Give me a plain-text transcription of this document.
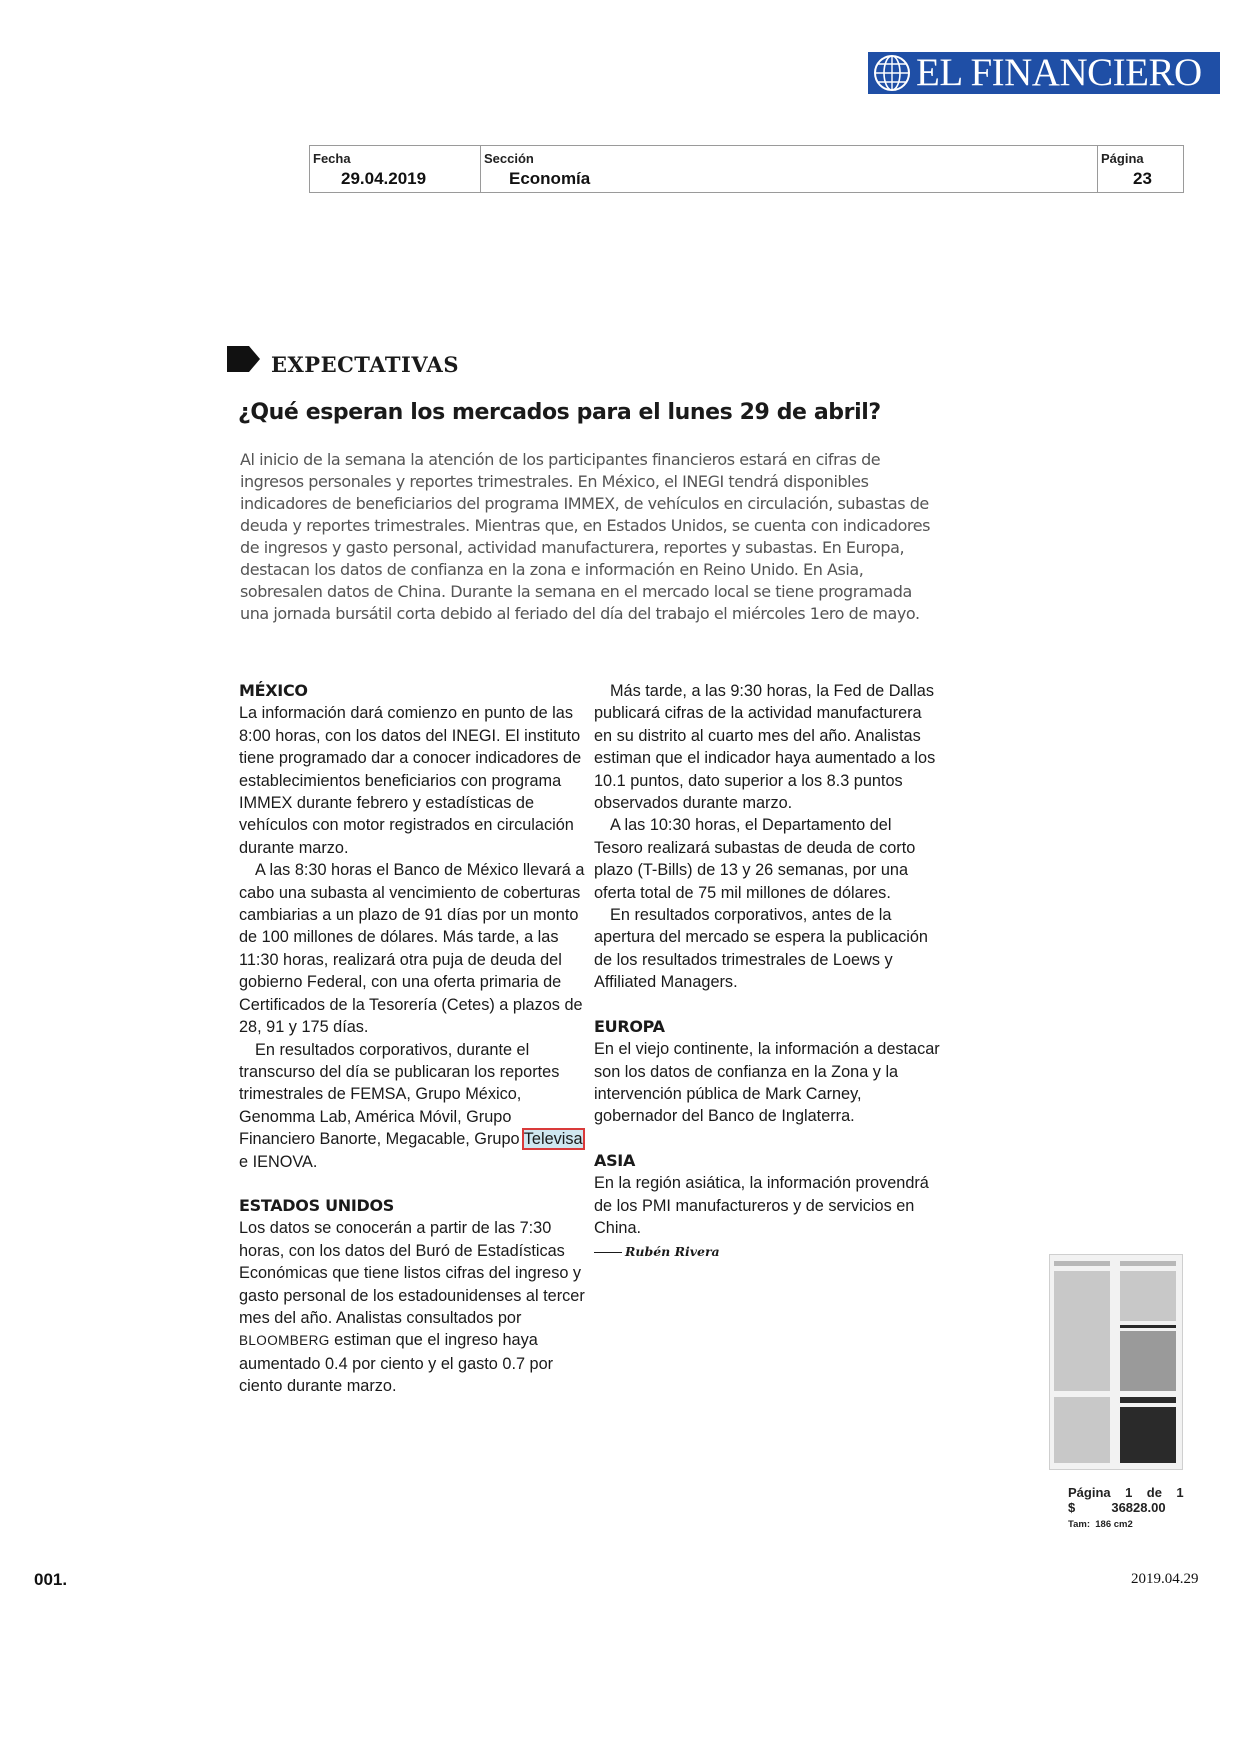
EL FINANCIERO
Fecha
29.04.2019
Sección
Economía
Página
23
EXPECTATIVAS
¿Qué esperan los mercados para el lunes 29 de abril?
Al inicio de la semana la atención de los participantes financieros estará en cifras de ingresos personales y reportes trimestrales. En México, el INEGI tendrá disponibles indicadores de beneficiarios del programa IMMEX, de vehículos en circulación, subastas de deuda y reportes trimestrales. Mientras que, en Estados Unidos, se cuenta con indicadores de ingresos y gasto personal, actividad manufacturera, reportes y subastas. En Europa, destacan los datos de confianza en la zona e información en Reino Unido. En Asia, sobresalen datos de China. Durante la semana en el mercado local se tiene programada una jornada bursátil corta debido al feriado del día del trabajo el miércoles 1ero de mayo.
MÉXICO

La información dará comienzo en punto de las 8:00 horas, con los datos del INEGI. El instituto tiene programado dar a conocer indicadores de establecimientos beneficiarios con programa IMMEX durante febrero y estadísticas de vehículos con motor registrados en circulación durante marzo.

A las 8:30 horas el Banco de México llevará a cabo una subasta al vencimiento de coberturas cambiarias a un plazo de 91 días por un monto de 100 millones de dólares. Más tarde, a las 11:30 horas, realizará otra puja de deuda del gobierno Federal, con una oferta primaria de Certificados de la Tesorería (Cetes) a plazos de 28, 91 y 175 días.

En resultados corporativos, durante el transcurso del día se publicaran los reportes trimestrales de FEMSA, Grupo México, Genomma Lab, América Móvil, Grupo Financiero Banorte, Megacable, Grupo Televisa e IENOVA.

ESTADOS UNIDOS

Los datos se conocerán a partir de las 7:30 horas, con los datos del Buró de Estadísticas Económicas que tiene listos cifras del ingreso y gasto personal de los estadounidenses al tercer mes del año. Analistas consultados por BLOOMBERG estiman que el ingreso haya aumentado 0.4 por ciento y el gasto 0.7 por ciento durante marzo.

Más tarde, a las 9:30 horas, la Fed de Dallas publicará cifras de la actividad manufacturera en su distrito al cuarto mes del año. Analistas estiman que el indicador haya aumentado a los 10.1 puntos, dato superior a los 8.3 puntos observados durante marzo.

A las 10:30 horas, el Departamento del Tesoro realizará subastas de deuda de corto plazo (T-Bills) de 13 y 26 semanas, por una oferta total de 75 mil millones de dólares.

En resultados corporativos, antes de la apertura del mercado se espera la publicación de los resultados trimestrales de Loews y Affiliated Managers.

EUROPA

En el viejo continente, la información a destacar son los datos de confianza en la Zona y la intervención pública de Mark Carney, gobernador del Banco de Inglaterra.

ASIA

En la región asiática, la información provendrá de los PMI manufactureros y de servicios en China.

Rubén Rivera
Página    1    de    1
$          36828.00
Tam:  186 cm2
001.	2019.04.29
